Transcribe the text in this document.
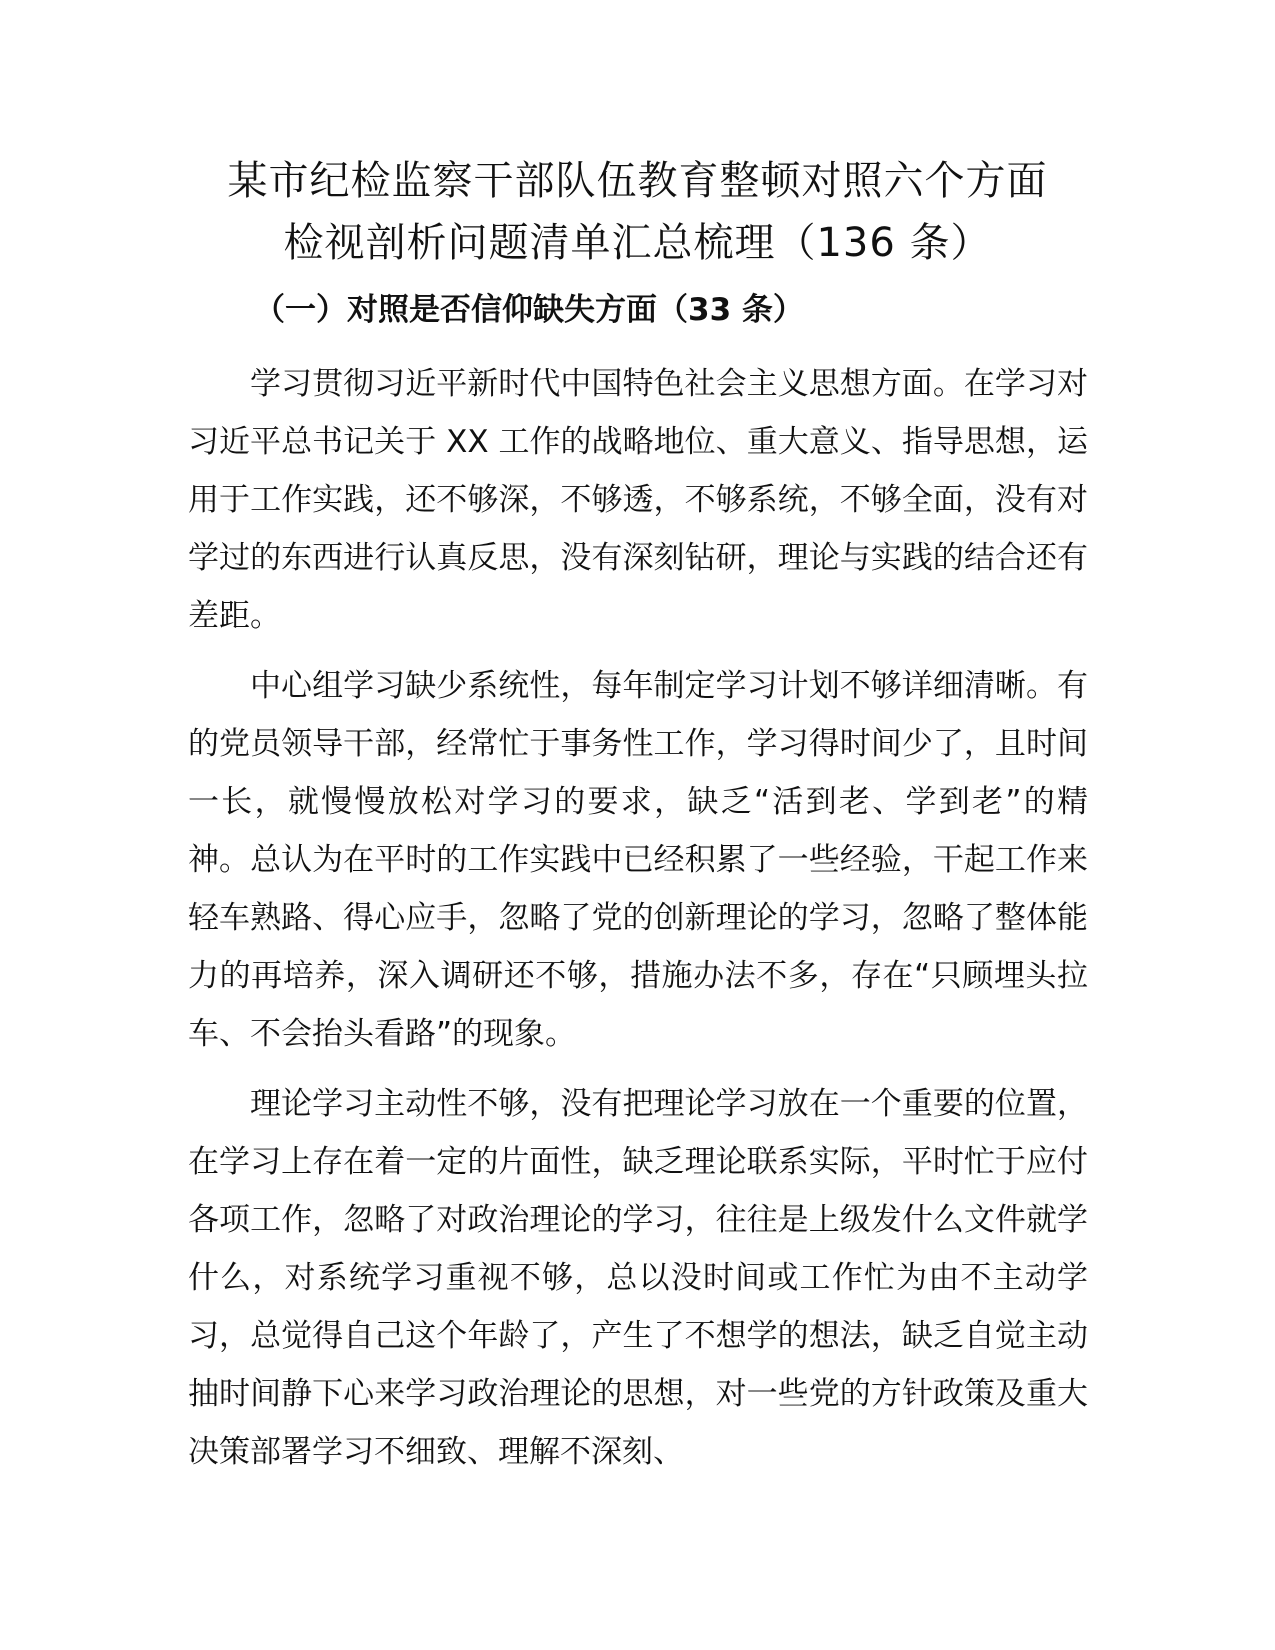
某市纪检监察干部队伍教育整顿对照六个方面
检视剖析问题清单汇总梳理（136 条）
（一）对照是否信仰缺失方面（33 条）

学习贯彻习近平新时代中国特色社会主义思想方面。在学习对习近平总书记关于 XX 工作的战略地位、重大意义、指导思想，运用于工作实践，还不够深，不够透，不够系统，不够全面，没有对学过的东西进行认真反思，没有深刻钻研，理论与实践的结合还有差距。

中心组学习缺少系统性，每年制定学习计划不够详细清晰。有的党员领导干部，经常忙于事务性工作，学习得时间少了，且时间一长，就慢慢放松对学习的要求，缺乏“活到老、学到老”的精神。总认为在平时的工作实践中已经积累了一些经验，干起工作来轻车熟路、得心应手，忽略了党的创新理论的学习，忽略了整体能力的再培养，深入调研还不够，措施办法不多，存在“只顾埋头拉车、不会抬头看路”的现象。

理论学习主动性不够，没有把理论学习放在一个重要的位置，在学习上存在着一定的片面性，缺乏理论联系实际，平时忙于应付各项工作，忽略了对政治理论的学习，往往是上级发什么文件就学什么，对系统学习重视不够，总以没时间或工作忙为由不主动学习，总觉得自己这个年龄了，产生了不想学的想法，缺乏自觉主动抽时间静下心来学习政治理论的思想，对一些党的方针政策及重大决策部署学习不细致、理解不深刻、
